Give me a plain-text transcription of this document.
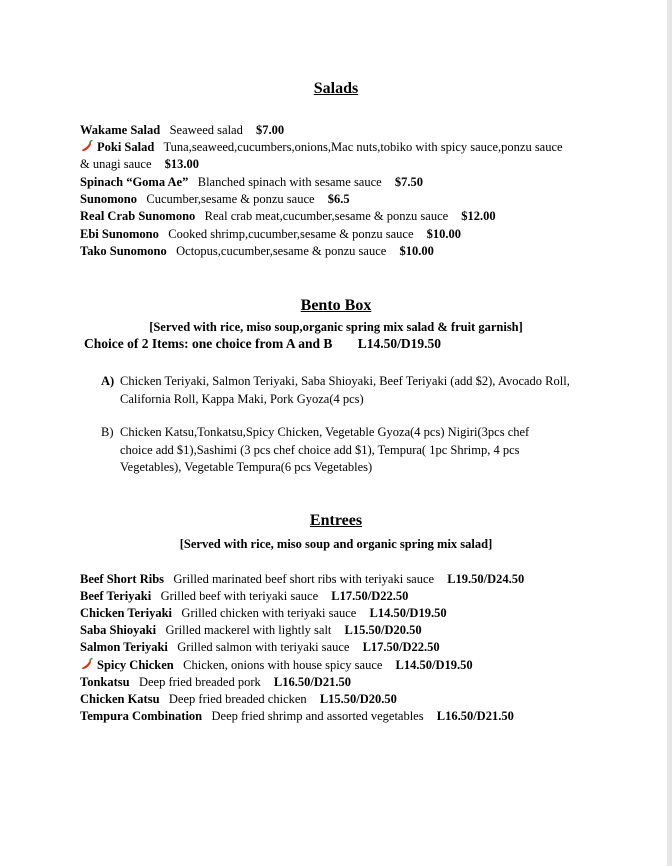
Salads
Wakame Salad Seaweed salad $7.00
Poki Salad Tuna,seaweed,cucumbers,onions,Mac nuts,tobiko with spicy sauce,ponzu sauce
& unagi sauce $13.00
Spinach “Goma Ae” Blanched spinach with sesame sauce $7.50
Sunomono Cucumber,sesame & ponzu sauce $6.5
Real Crab Sunomono Real crab meat,cucumber,sesame & ponzu sauce $12.00
Ebi Sunomono Cooked shrimp,cucumber,sesame & ponzu sauce $10.00
Tako Sunomono Octopus,cucumber,sesame & ponzu sauce $10.00
Bento Box
[Served with rice, miso soup,organic spring mix salad & fruit garnish]
Choice of 2 Items: one choice from A and B L14.50/D19.50
A) Chicken Teriyaki, Salmon Teriyaki, Saba Shioyaki, Beef Teriyaki (add $2), Avocado Roll, California Roll, Kappa Maki, Pork Gyoza(4 pcs)
B) Chicken Katsu,Tonkatsu,Spicy Chicken, Vegetable Gyoza(4 pcs) Nigiri(3pcs chef choice add $1),Sashimi (3 pcs chef choice add $1), Tempura( 1pc Shrimp, 4 pcs Vegetables), Vegetable Tempura(6 pcs Vegetables)
Entrees
[Served with rice, miso soup and organic spring mix salad]
Beef Short Ribs Grilled marinated beef short ribs with teriyaki sauce L19.50/D24.50
Beef Teriyaki Grilled beef with teriyaki sauce L17.50/D22.50
Chicken Teriyaki Grilled chicken with teriyaki sauce L14.50/D19.50
Saba Shioyaki Grilled mackerel with lightly salt L15.50/D20.50
Salmon Teriyaki Grilled salmon with teriyaki sauce L17.50/D22.50
Spicy Chicken Chicken, onions with house spicy sauce L14.50/D19.50
Tonkatsu Deep fried breaded pork L16.50/D21.50
Chicken Katsu Deep fried breaded chicken L15.50/D20.50
Tempura Combination Deep fried shrimp and assorted vegetables L16.50/D21.50
